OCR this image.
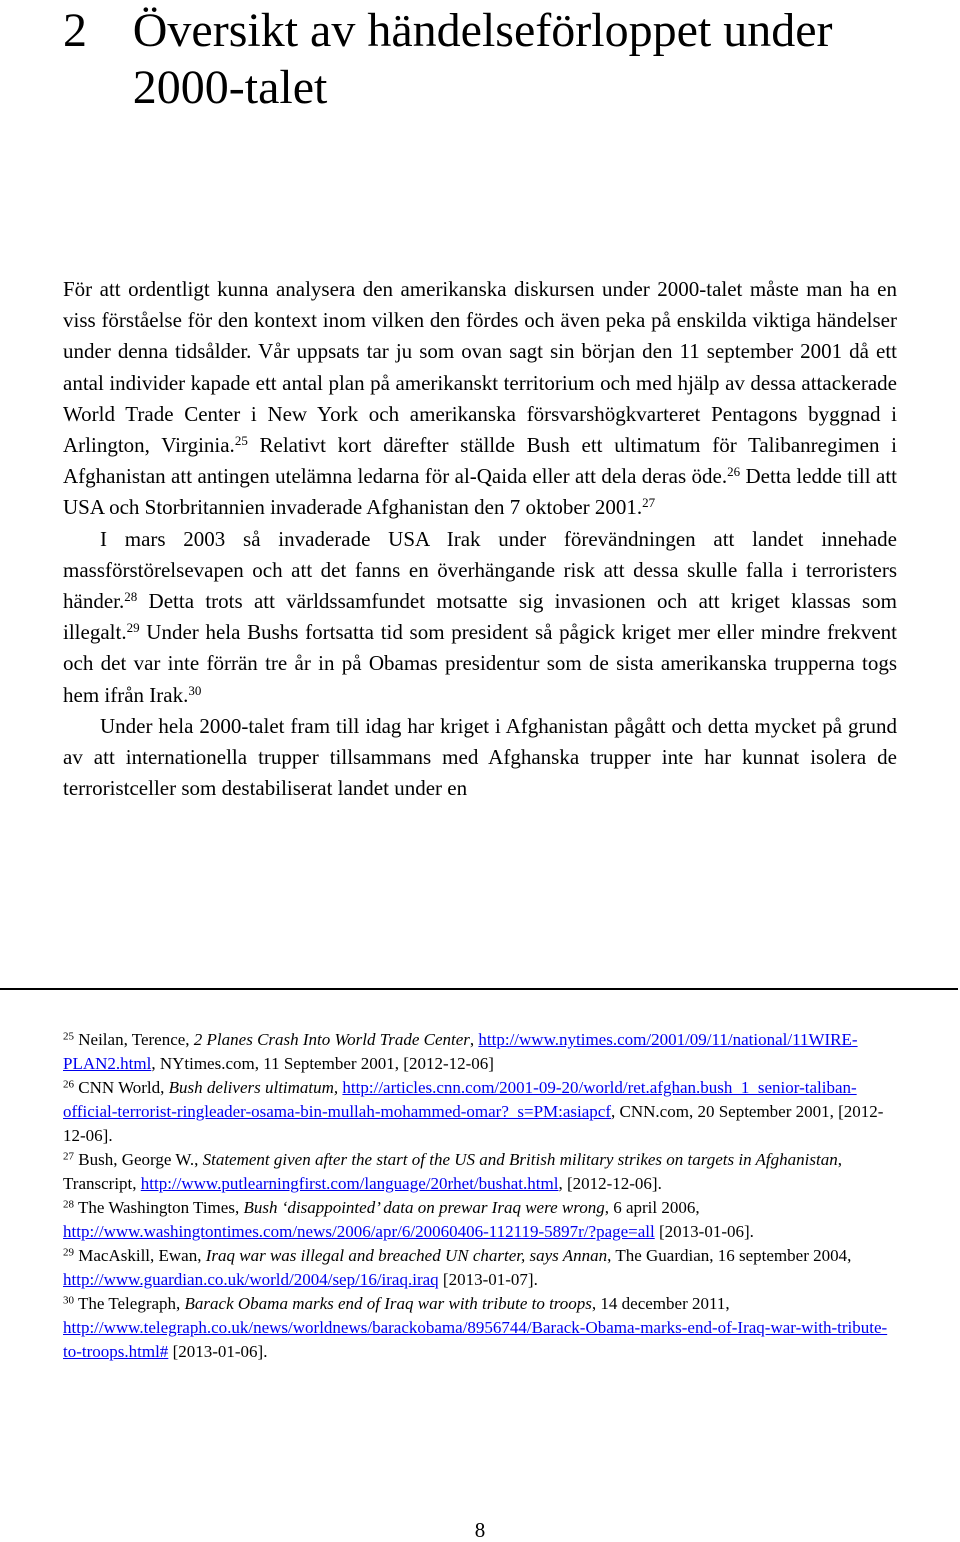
2 Översikt av händelseförloppet under 2000-talet

För att ordentligt kunna analysera den amerikanska diskursen under 2000-talet måste man ha en viss förståelse för den kontext inom vilken den fördes och även peka på enskilda viktiga händelser under denna tidsålder. Vår uppsats tar ju som ovan sagt sin början den 11 september 2001 då ett antal individer kapade ett antal plan på amerikanskt territorium och med hjälp av dessa attackerade World Trade Center i New York och amerikanska försvarshögkvarteret Pentagons byggnad i Arlington, Virginia.$^{25}$ Relativt kort därefter ställde Bush ett ultimatum för Talibanregimen i Afghanistan att antingen utelämna ledarna för al-Qaida eller att dela deras öde.$^{26}$ Detta ledde till att USA och Storbritannien invaderade Afghanistan den 7 oktober 2001.27

I mars 2003 så invaderade USA Irak under förevändningen att landet innehade massförstörelsevapen och att det fanns en överhängande risk att dessa skulle falla i terroristers händer.$^{28}$ Detta trots att världssamfundet motsatte sig invasionen och att kriget klassas som illegalt.$^{29}$ Under hela Bushs fortsatta tid som president så pågick kriget mer eller mindre frekvent och det var inte förrän tre år in på Obamas presidentur som de sista amerikanska trupperna togs hem ifrån Irak.$^{30}$

Under hela 2000-talet fram till idag har kriget i Afghanistan pågått och detta mycket på grund av att internationella trupper tillsammans med Afghanska trupper inte har kunnat isolera de terroristceller som destabiliserat landet under en

$^{25}$ Neilan, Terence, 2 Planes Crash Into World Trade Center, http://www.nytimes.com/2001/09/11/national/11WIRE-PLAN2.html, NYtimes.com, 11 September 2001, [2012-12-06]

$^{26}$ CNN World, Bush delivers ultimatum, http://articles.cnn.com/2001-09-20/world/ret.afghan.bush_1_senior-taliban-official-terrorist-ringleader-osama-bin-mullah-mohammed-omar?_s=PM:asiapcf, CNN.com, 20 September 2001, [2012-12-06].

$^{27}$ Bush, George W., Statement given after the start of the US and British military strikes on targets in Afghanistan, Transcript, http://www.putlearningfirst.com/language/20rhet/bushat.html, [2012-12-06].

$^{28}$ The Washington Times, Bush ‘disappointed’ data on prewar Iraq were wrong, 6 april 2006, http://www.washingtontimes.com/news/2006/apr/6/20060406-112119-5897r/?page=all [2013-01-06].

$^{29}$ MacAskill, Ewan, Iraq war was illegal and breached UN charter, says Annan, The Guardian, 16 september 2004, http://www.guardian.co.uk/world/2004/sep/16/iraq.iraq [2013-01-07].

$^{30}$ The Telegraph, Barack Obama marks end of Iraq war with tribute to troops, 14 december 2011, http://www.telegraph.co.uk/news/worldnews/barackobama/8956744/Barack-Obama-marks-end-of-Iraq-war-with-tribute-to-troops.html# [2013-01-06].

8
